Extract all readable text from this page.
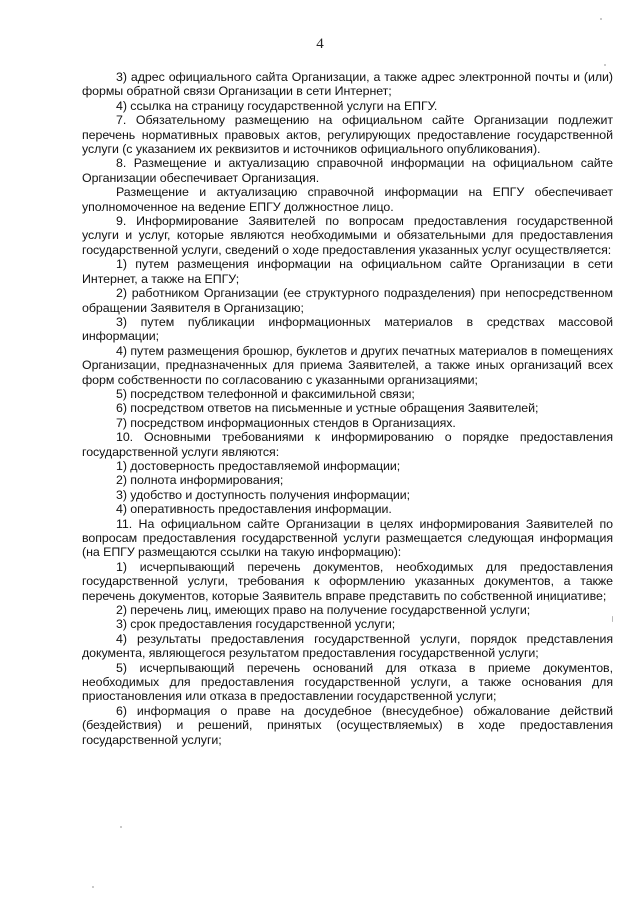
4

3) адрес официального сайта Организации, а также адрес электронной почты и (или) формы обратной связи Организации в сети Интернет;

4) ссылка на страницу государственной услуги на ЕПГУ.

7. Обязательному размещению на официальном сайте Организации подлежит перечень нормативных правовых актов, регулирующих предоставление государственной услуги (с указанием их реквизитов и источников официального опубликования).

8. Размещение и актуализацию справочной информации на официальном сайте Организации обеспечивает Организация.

Размещение и актуализацию справочной информации на ЕПГУ обеспечивает уполномоченное на ведение ЕПГУ должностное лицо.

9. Информирование Заявителей по вопросам предоставления государственной услуги и услуг, которые являются необходимыми и обязательными для предоставления государственной услуги, сведений о ходе предоставления указанных услуг осуществляется:

1) путем размещения информации на официальном сайте Организации в сети Интернет, а также на ЕПГУ;

2) работником Организации (ее структурного подразделения) при непосредственном обращении Заявителя в Организацию;

3) путем публикации информационных материалов в средствах массовой информации;

4) путем размещения брошюр, буклетов и других печатных материалов в помещениях Организации, предназначенных для приема Заявителей, а также иных организаций всех форм собственности по согласованию с указанными организациями;

5) посредством телефонной и факсимильной связи;

6) посредством ответов на письменные и устные обращения Заявителей;

7) посредством информационных стендов в Организациях.

10. Основными требованиями к информированию о порядке предоставления государственной услуги являются:

1) достоверность предоставляемой информации;

2) полнота информирования;

3) удобство и доступность получения информации;

4) оперативность предоставления информации.

11. На официальном сайте Организации в целях информирования Заявителей по вопросам предоставления государственной услуги размещается следующая информация (на ЕПГУ размещаются ссылки на такую информацию):

1) исчерпывающий перечень документов, необходимых для предоставления государственной услуги, требования к оформлению указанных документов, а также перечень документов, которые Заявитель вправе представить по собственной инициативе;

2) перечень лиц, имеющих право на получение государственной услуги;

3) срок предоставления государственной услуги;

4) результаты предоставления государственной услуги, порядок представления документа, являющегося результатом предоставления государственной услуги;

5) исчерпывающий перечень оснований для отказа в приеме документов, необходимых для предоставления государственной услуги, а также основания для приостановления или отказа в предоставлении государственной услуги;

6) информация о праве на досудебное (внесудебное) обжалование действий (бездействия) и решений, принятых (осуществляемых) в ходе предоставления государственной услуги;
